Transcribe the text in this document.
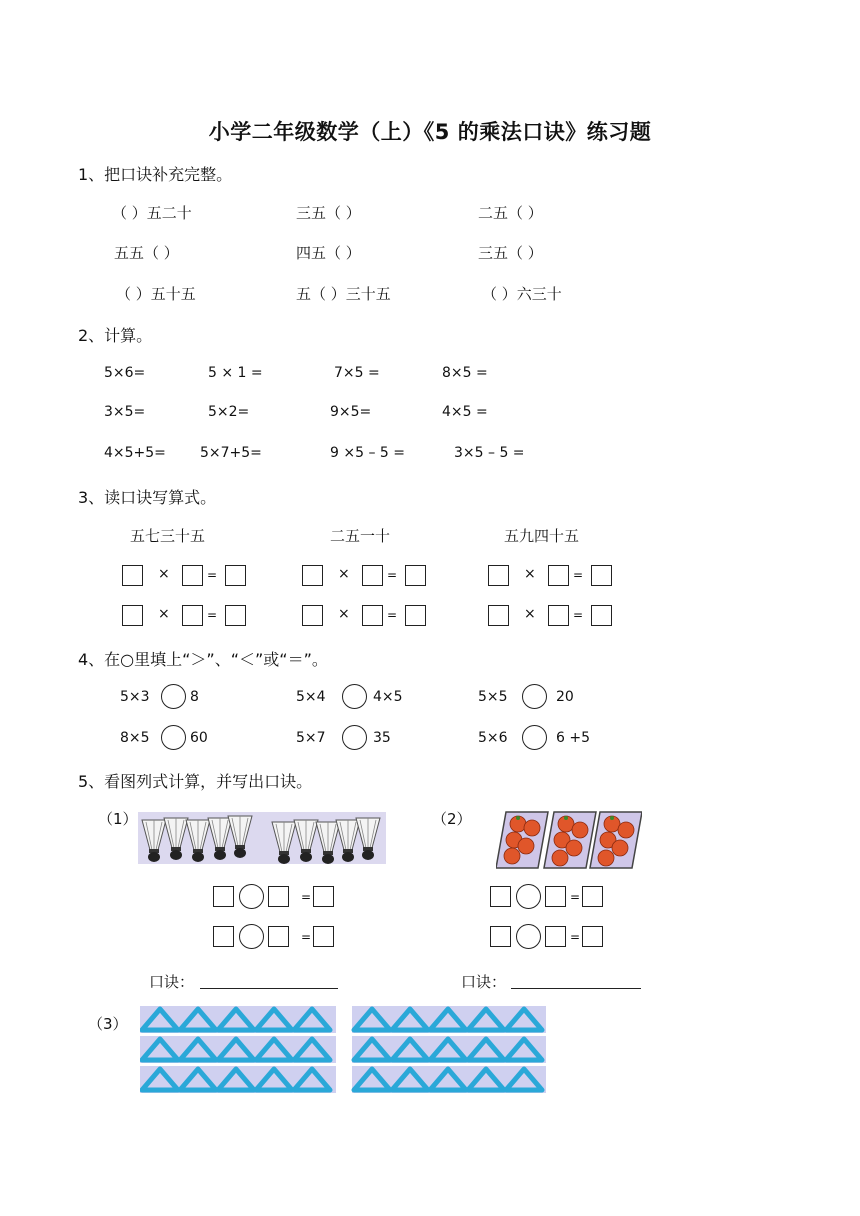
小学二年级数学（上）《5 的乘法口诀》练习题
1、把口诀补充完整。
（ ）五二十	三五（ ）	二五（ ）
五五（ ）	四五（ ）	三五（ ）
（ ）五十五	五（ ）三十五	（ ）六三十
2、计算。
5×6=	5 × 1 =	7×5 =	8×5 =
3×5=	5×2=	9×5=	4×5 =
4×5+5= 5×7+5=	9 ×5 – 5 =	3×5 – 5 =
3、读口诀写算式。
五七三十五	二五一十	五九四十五
×	=	×	=	×	=
×	=	×	=	×	=
4、在○里填上“＞”、“＜”或“＝”。
5×3	8	5×4	4×5	5×5	20
8×5	60	5×7	35	5×6	6 +5
5、看图列式计算，并写出口诀。
（1）	（2）
=	=
=	=
口诀：	口诀：
（3）
